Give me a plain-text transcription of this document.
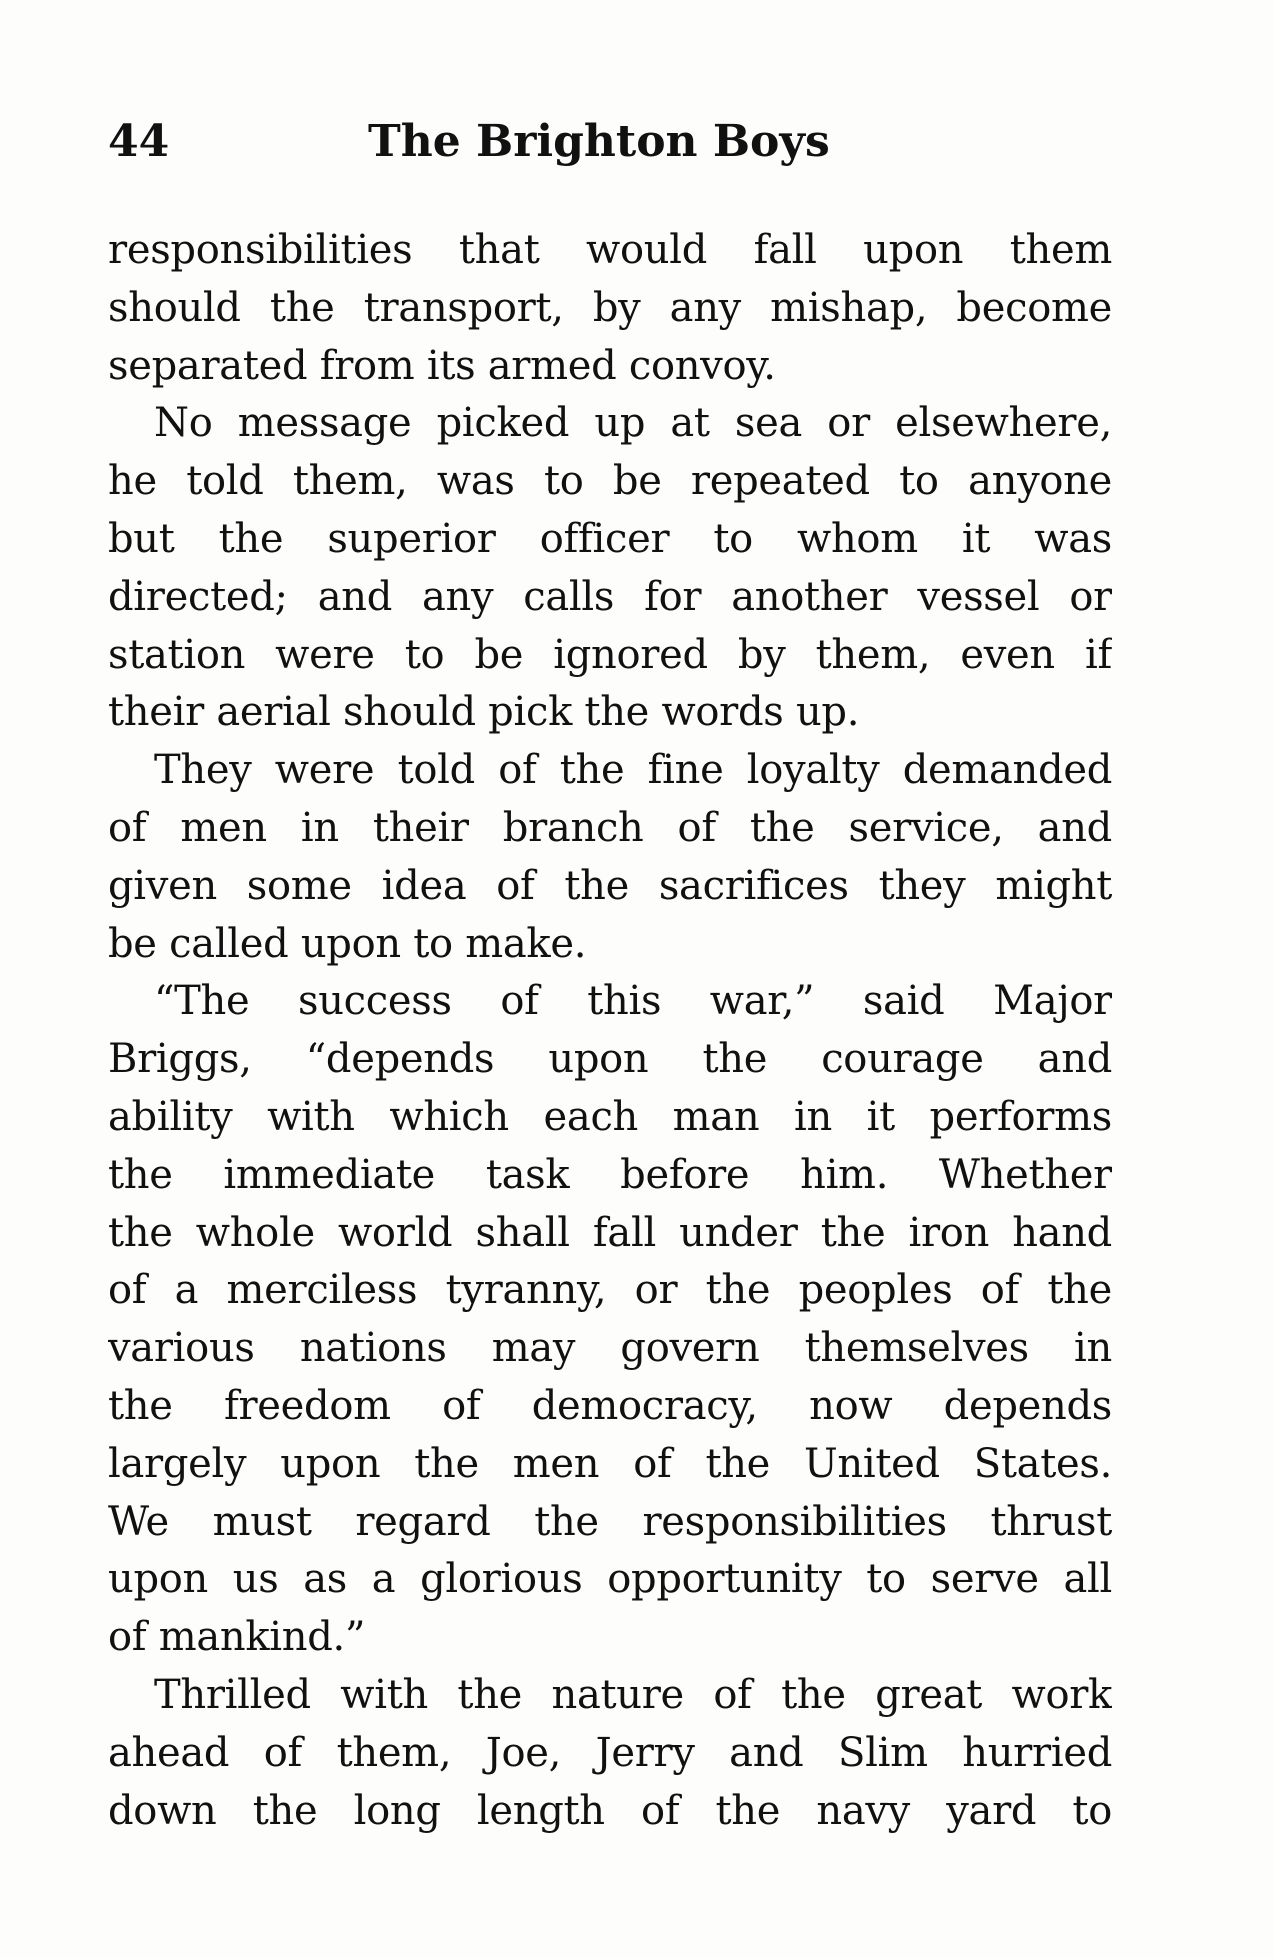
44	The Brighton Boys
responsibilities that would fall upon them
should the transport, by any mishap, become
separated from its armed convoy.
No message picked up at sea or elsewhere,
he told them, was to be repeated to anyone
but the superior officer to whom it was
directed; and any calls for another vessel or
station were to be ignored by them, even if
their aerial should pick the words up.
They were told of the fine loyalty demanded
of men in their branch of the service, and
given some idea of the sacrifices they might
be called upon to make.
“The success of this war,” said Major
Briggs, “depends upon the courage and
ability with which each man in it performs
the immediate task before him. Whether
the whole world shall fall under the iron hand
of a merciless tyranny, or the peoples of the
various nations may govern themselves in
the freedom of democracy, now depends
largely upon the men of the United States.
We must regard the responsibilities thrust
upon us as a glorious opportunity to serve all
of mankind.”
Thrilled with the nature of the great work
ahead of them, Joe, Jerry and Slim hurried
down the long length of the navy yard to
